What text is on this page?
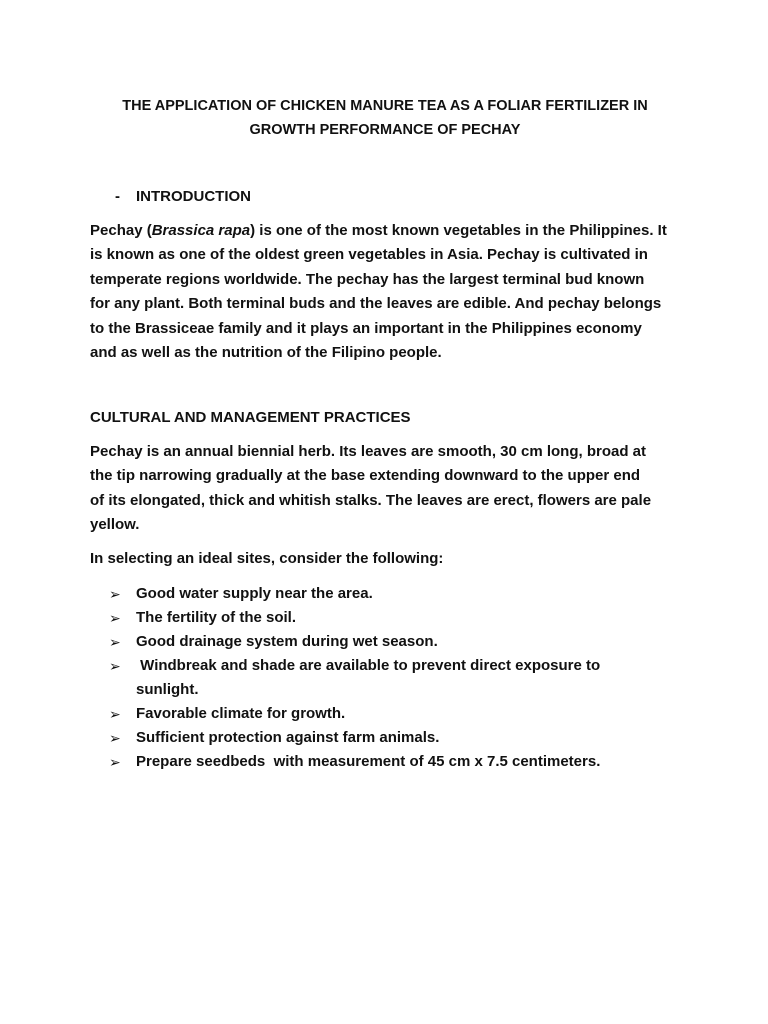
THE APPLICATION OF CHICKEN MANURE TEA AS A FOLIAR FERTILIZER IN
GROWTH PERFORMANCE OF PECHAY
- INTRODUCTION
Pechay (Brassica rapa) is one of the most known vegetables in the Philippines. It
is known as one of the oldest green vegetables in Asia. Pechay is cultivated in
temperate regions worldwide. The pechay has the largest terminal bud known
for any plant. Both terminal buds and the leaves are edible. And pechay belongs
to the Brassiceae family and it plays an important in the Philippines economy
and as well as the nutrition of the Filipino people.
CULTURAL AND MANAGEMENT PRACTICES
Pechay is an annual biennial herb. Its leaves are smooth, 30 cm long, broad at
the tip narrowing gradually at the base extending downward to the upper end
of its elongated, thick and whitish stalks. The leaves are erect, flowers are pale
yellow.
In selecting an ideal sites, consider the following:
➢ Good water supply near the area.
➢ The fertility of the soil.
➢ Good drainage system during wet season.
➢ Windbreak and shade are available to prevent direct exposure to
sunlight.
➢ Favorable climate for growth.
➢ Sufficient protection against farm animals.
➢ Prepare seedbeds  with measurement of 45 cm x 7.5 centimeters.
